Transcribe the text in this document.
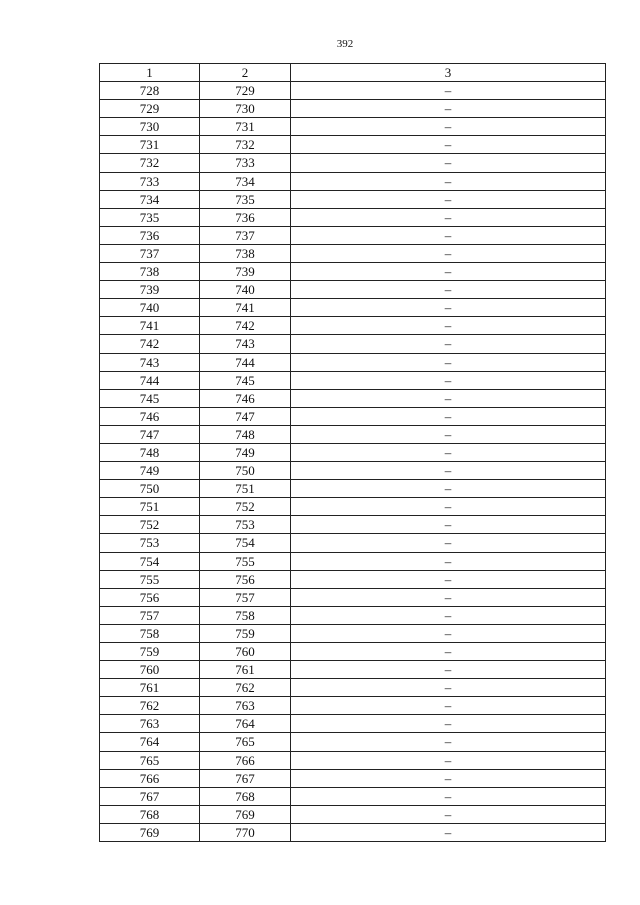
392
1	2	3
728	729	–
729	730	–
730	731	–
731	732	–
732	733	–
733	734	–
734	735	–
735	736	–
736	737	–
737	738	–
738	739	–
739	740	–
740	741	–
741	742	–
742	743	–
743	744	–
744	745	–
745	746	–
746	747	–
747	748	–
748	749	–
749	750	–
750	751	–
751	752	–
752	753	–
753	754	–
754	755	–
755	756	–
756	757	–
757	758	–
758	759	–
759	760	–
760	761	–
761	762	–
762	763	–
763	764	–
764	765	–
765	766	–
766	767	–
767	768	–
768	769	–
769	770	–
